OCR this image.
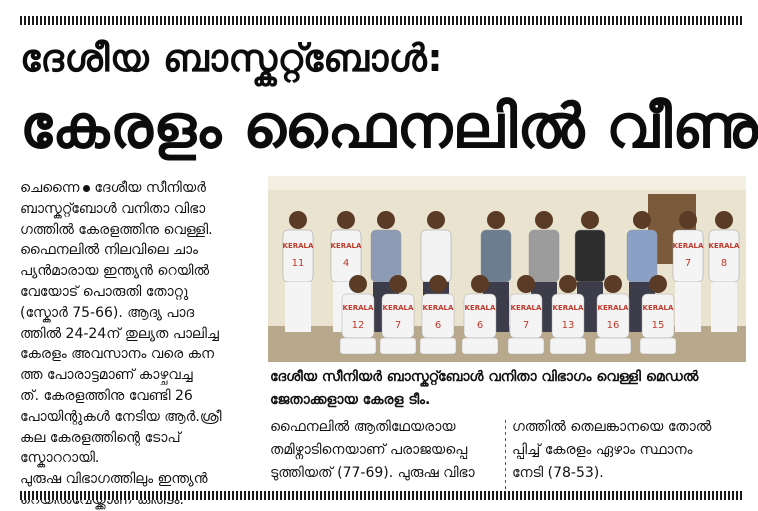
ദേശീയ ബാസ്കറ്റ്ബോൾ:
കേരളം ഫൈനലിൽ വീണു

ചെന്നൈ ദേശീയ സീനിയർ

ബാസ്കറ്റ്ബോൾ വനിതാ വിഭാ

ഗത്തിൽ കേരളത്തിനു വെള്ളി.

ഫൈനലിൽ നിലവിലെ ചാം

പ്യൻമാരായ ഇന്ത്യൻ റെയിൽ

വേയോട് പൊരുതി തോറ്റു

(സ്കോർ 75-66). ആദ്യ പാദ

ത്തിൽ 24-24ന് തുല്യത പാലിച്ച

കേരളം അവസാനം വരെ കന

ത്ത പോരാട്ടമാണ് കാഴ്ചവച്ച

ത്. കേരളത്തിനു വേണ്ടി 26

പോയിന്റുകൾ നേടിയ ആർ.ശ്രീ

കല കേരളത്തിന്റെ ടോപ്

സ്കോററായി.

പുരുഷ വിഭാഗത്തിലും ഇന്ത്യൻ

KERALA
11
KERALA
4
KERALA
7
KERALA
8
KERALA
12
KERALA
7
KERALA
6
KERALA
6
KERALA
7
KERALA
13
KERALA
16
KERALA
15
ദേശീയ സീനിയർ ബാസ്കറ്റ്ബോൾ വനിതാ വിഭാഗം വെള്ളി മെഡൽ
ജേതാക്കളായ കേരള ടീം.
ഫൈനലിൽ ആതിഥേയരായ
തമിഴ്നാടിനെയാണ് പരാജയപ്പെ
ടുത്തിയത് (77-69). പുരുഷ വിഭാ
ഗത്തിൽ തെലങ്കാനയെ തോൽ
പ്പിച്ച് കേരളം ഏഴാം സ്ഥാനം
നേടി (78-53).
